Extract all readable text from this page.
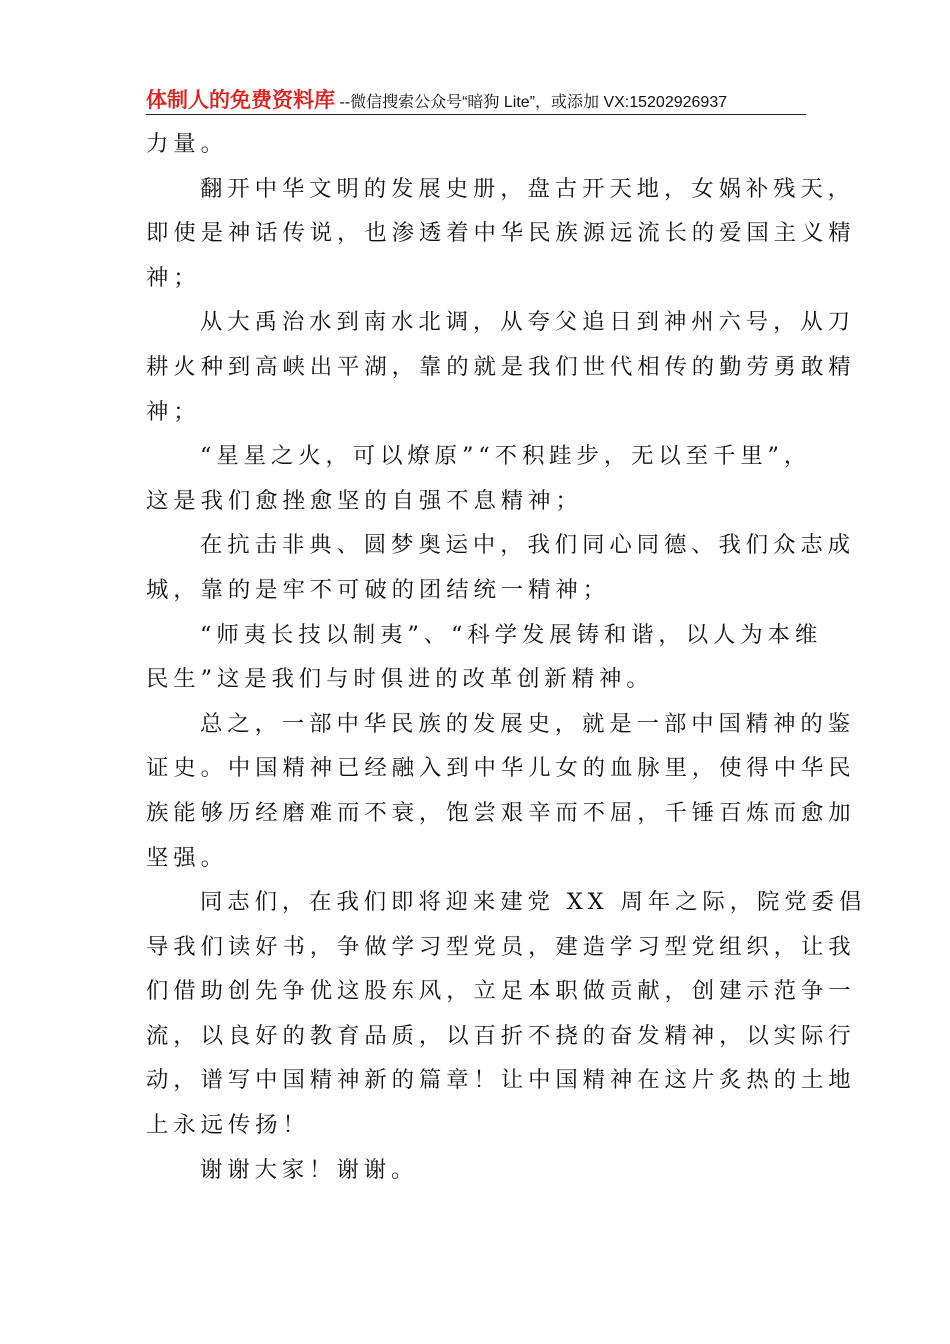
体制人的免费资料库 --微信搜索公众号“暗狗 Lite”，或添加 VX:15202926937
力量。
翻开中华文明的发展史册，盘古开天地，女娲补残天，
即使是神话传说，也渗透着中华民族源远流长的爱国主义精
神；
从大禹治水到南水北调，从夸父追日到神州六号，从刀
耕火种到高峡出平湖，靠的就是我们世代相传的勤劳勇敢精
神；
“星星之火，可以燎原”“不积跬步，无以至千里”，
这是我们愈挫愈坚的自强不息精神；
在抗击非典、圆梦奥运中，我们同心同德、我们众志成
城，靠的是牢不可破的团结统一精神；
“师夷长技以制夷”、“科学发展铸和谐，以人为本维
民生”这是我们与时俱进的改革创新精神。
总之，一部中华民族的发展史，就是一部中国精神的鉴
证史。中国精神已经融入到中华儿女的血脉里，使得中华民
族能够历经磨难而不衰，饱尝艰辛而不屈，千锤百炼而愈加
坚强。
同志们，在我们即将迎来建党 XX 周年之际，院党委倡
导我们读好书，争做学习型党员，建造学习型党组织，让我
们借助创先争优这股东风，立足本职做贡献，创建示范争一
流，以良好的教育品质，以百折不挠的奋发精神，以实际行
动，谱写中国精神新的篇章！让中国精神在这片炙热的土地
上永远传扬！
谢谢大家！谢谢。
